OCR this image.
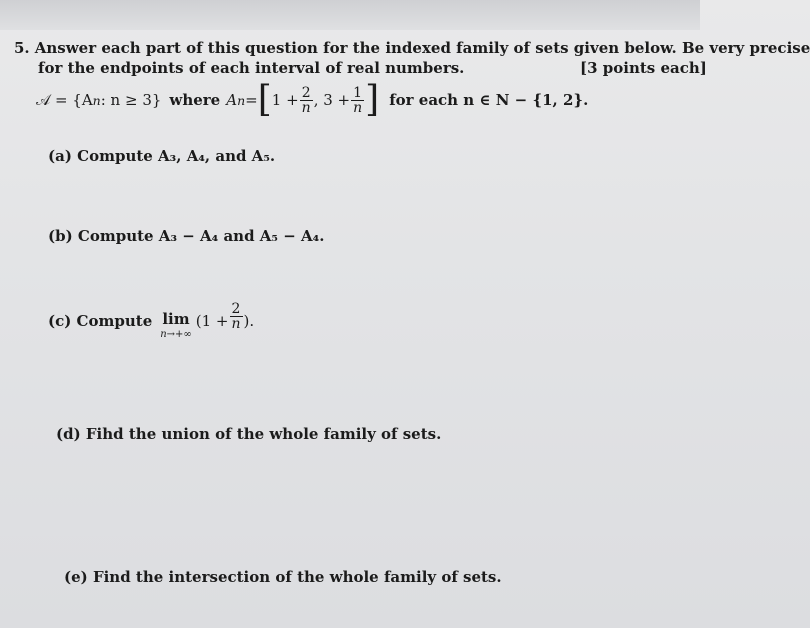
5. Answer each part of this question for the indexed family of sets given below. Be very precise
for the endpoints of each interval of real numbers.	[3 points each]
𝒜 = {A n : n ≥ 3} where A n = [ $1 + \frac{2}{n}$ , $3 + \frac{1}{n}$ ] for each n ∈ N − {1, 2}.
(a) Compute A₃, A₄, and A₅.
(b) Compute A₃ − A₄ and A₅ − A₄.
(c) Compute lim
n→+∞
($1 + \frac{2}{n}$ ).
(d) Fihd the union of the whole family of sets.
(e) Find the intersection of the whole family of sets.
